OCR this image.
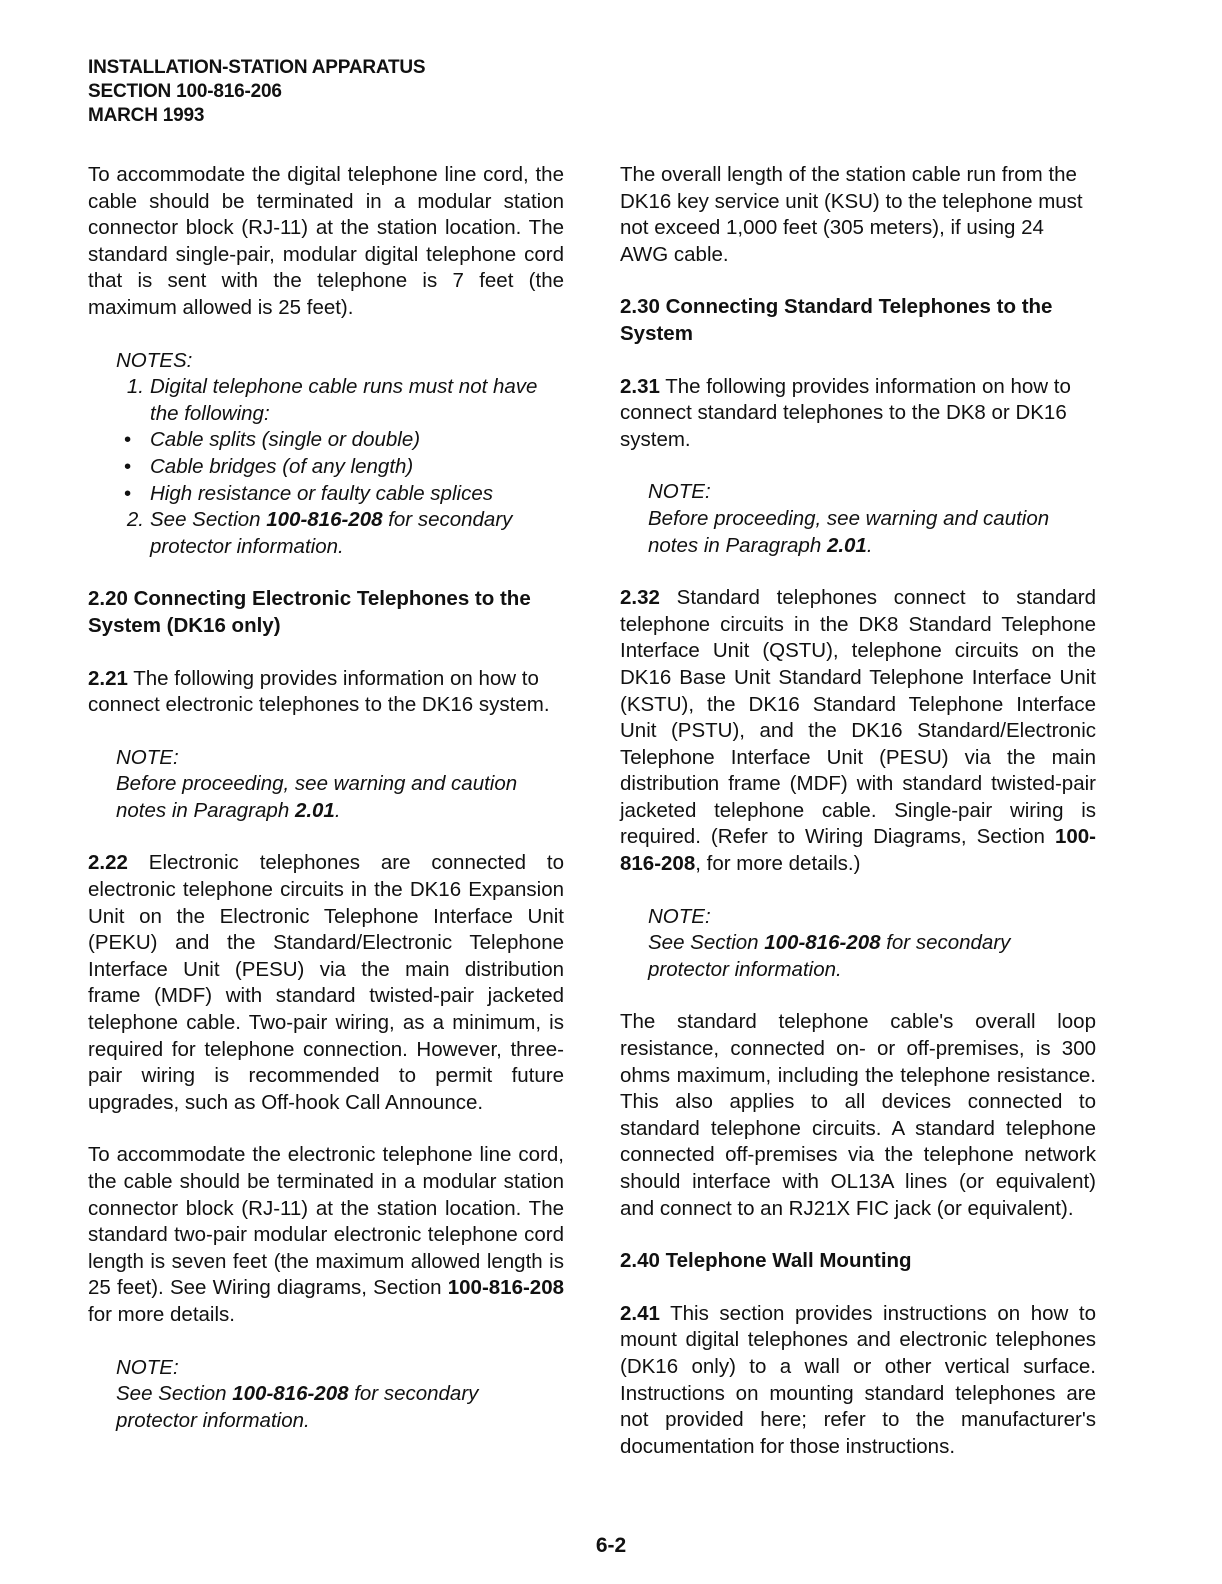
INSTALLATION-STATION APPARATUS
SECTION 100-816-206
MARCH 1993

To accommodate the digital telephone line cord, the cable should be terminated in a modular station connector block (RJ-11) at the station location. The standard single-pair, modular digital telephone cord that is sent with the telephone is 7 feet (the maximum allowed is 25 feet).

NOTES:
1. Digital telephone cable runs must not have the following:
• Cable splits (single or double)
• Cable bridges (of any length)
• High resistance or faulty cable splices
2. See Section 100-816-208 for secondary protector information.
2.20 Connecting Electronic Telephones to the System (DK16 only)

2.21 The following provides information on how to connect electronic telephones to the DK16 system.

NOTE:
Before proceeding, see warning and caution notes in Paragraph 2.01.

2.22 Electronic telephones are connected to electronic telephone circuits in the DK16 Expansion Unit on the Electronic Telephone Interface Unit (PEKU) and the Standard/Electronic Telephone Interface Unit (PESU) via the main distribution frame (MDF) with standard twisted-pair jacketed telephone cable. Two-pair wiring, as a minimum, is required for telephone connection. However, three-pair wiring is recommended to permit future upgrades, such as Off-hook Call Announce.

To accommodate the electronic telephone line cord, the cable should be terminated in a modular station connector block (RJ-11) at the station location. The standard two-pair modular electronic telephone cord length is seven feet (the maximum allowed length is 25 feet). See Wiring diagrams, Section 100-816-208 for more details.

NOTE:
See Section 100-816-208 for secondary protector information.

The overall length of the station cable run from the DK16 key service unit (KSU) to the telephone must not exceed 1,000 feet (305 meters), if using 24 AWG cable.

2.30 Connecting Standard Telephones to the System

2.31 The following provides information on how to connect standard telephones to the DK8 or DK16 system.

NOTE:
Before proceeding, see warning and caution notes in Paragraph 2.01.

2.32 Standard telephones connect to standard telephone circuits in the DK8 Standard Telephone Interface Unit (QSTU), telephone circuits on the DK16 Base Unit Standard Telephone Interface Unit (KSTU), the DK16 Standard Telephone Interface Unit (PSTU), and the DK16 Standard/Electronic Telephone Interface Unit (PESU) via the main distribution frame (MDF) with standard twisted-pair jacketed telephone cable. Single-pair wiring is required. (Refer to Wiring Diagrams, Section 100-816-208, for more details.)

NOTE:
See Section 100-816-208 for secondary protector information.

The standard telephone cable's overall loop resistance, connected on- or off-premises, is 300 ohms maximum, including the telephone resistance. This also applies to all devices connected to standard telephone circuits. A standard telephone connected off-premises via the telephone network should interface with OL13A lines (or equivalent) and connect to an RJ21X FIC jack (or equivalent).

2.40 Telephone Wall Mounting

2.41 This section provides instructions on how to mount digital telephones and electronic telephones (DK16 only) to a wall or other vertical surface. Instructions on mounting standard telephones are not provided here; refer to the manufacturer's documentation for those instructions.

6-2
